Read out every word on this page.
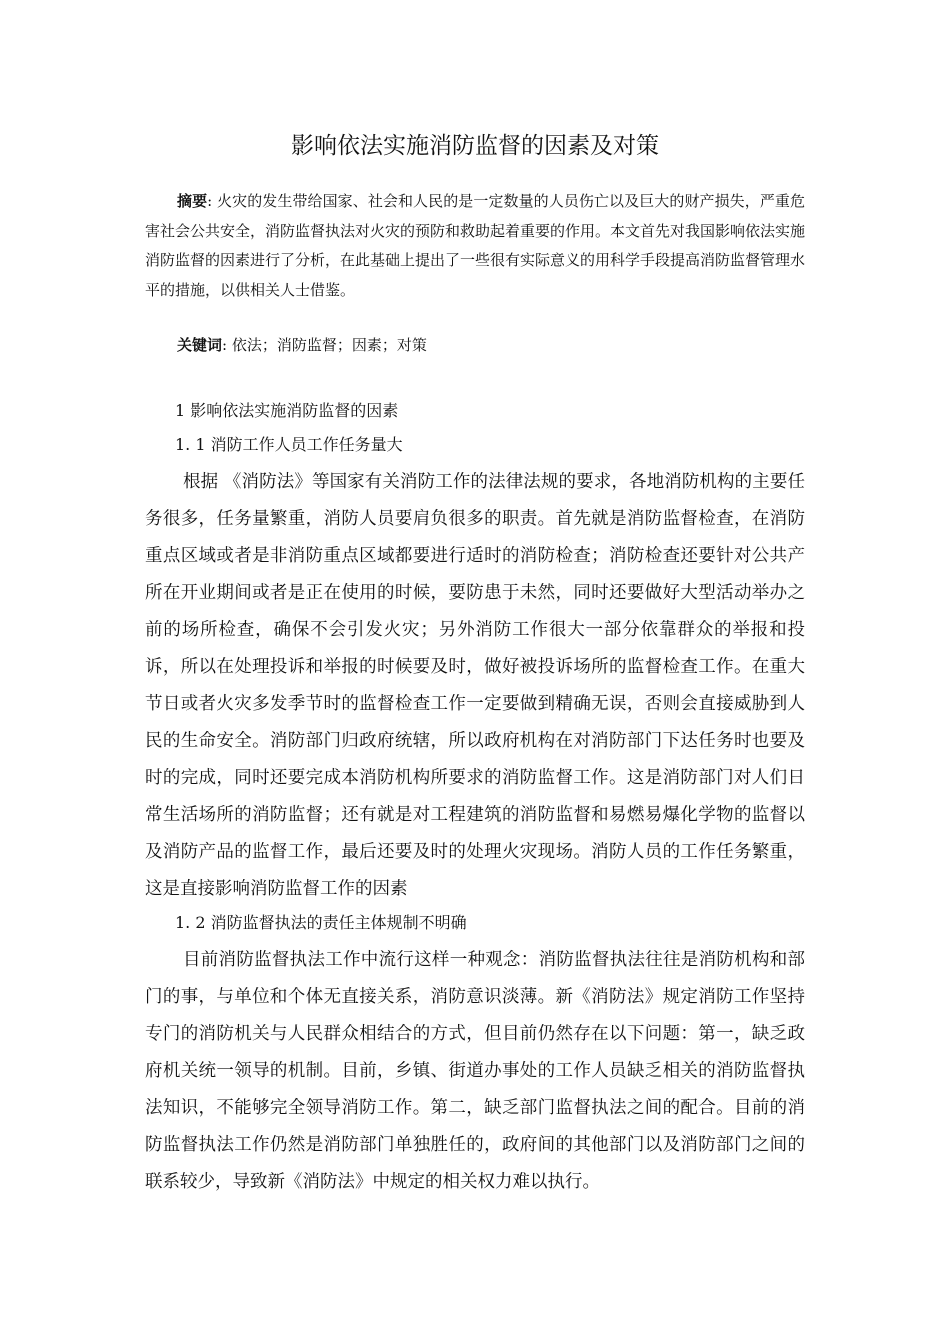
影响依法实施消防监督的因素及对策

摘要: 火灾的发生带给国家、社会和人民的是一定数量的人员伤亡以及巨大的财产损失，严重危害社会公共安全，消防监督执法对火灾的预防和救助起着重要的作用。本文首先对我国影响依法实施消防监督的因素进行了分析，在此基础上提出了一些很有实际意义的用科学手段提高消防监督管理水平的措施，以供相关人士借鉴。

关键词: 依法；消防监督；因素；对策

1 影响依法实施消防监督的因素

1. 1 消防工作人员工作任务量大

根据 《消防法》等国家有关消防工作的法律法规的要求，各地消防机构的主要任务很多，任务量繁重，消防人员要肩负很多的职责。首先就是消防监督检查，在消防重点区域或者是非消防重点区域都要进行适时的消防检查；消防检查还要针对公共产所在开业期间或者是正在使用的时候，要防患于未然，同时还要做好大型活动举办之前的场所检查，确保不会引发火灾；另外消防工作很大一部分依靠群众的举报和投诉，所以在处理投诉和举报的时候要及时，做好被投诉场所的监督检查工作。在重大节日或者火灾多发季节时的监督检查工作一定要做到精确无误，否则会直接威胁到人民的生命安全。消防部门归政府统辖，所以政府机构在对消防部门下达任务时也要及时的完成，同时还要完成本消防机构所要求的消防监督工作。这是消防部门对人们日常生活场所的消防监督；还有就是对工程建筑的消防监督和易燃易爆化学物的监督以及消防产品的监督工作，最后还要及时的处理火灾现场。消防人员的工作任务繁重，这是直接影响消防监督工作的因素

1. 2 消防监督执法的责任主体规制不明确

目前消防监督执法工作中流行这样一种观念：消防监督执法往往是消防机构和部门的事，与单位和个体无直接关系，消防意识淡薄。新《消防法》规定消防工作坚持专门的消防机关与人民群众相结合的方式，但目前仍然存在以下问题：第一，缺乏政府机关统一领导的机制。目前，乡镇、街道办事处的工作人员缺乏相关的消防监督执法知识，不能够完全领导消防工作。第二，缺乏部门监督执法之间的配合。目前的消防监督执法工作仍然是消防部门单独胜任的，政府间的其他部门以及消防部门之间的联系较少，导致新《消防法》中规定的相关权力难以执行。
